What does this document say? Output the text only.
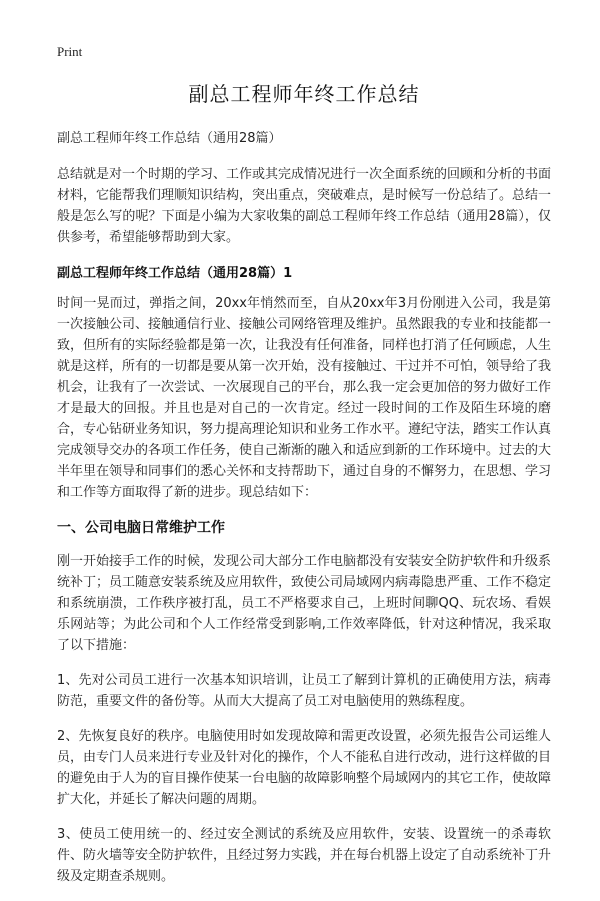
Print
副总工程师年终工作总结
副总工程师年终工作总结（通用28篇）

总结就是对一个时期的学习、工作或其完成情况进行一次全面系统的回顾和分析的书面材料，它能帮我们理顺知识结构，突出重点，突破难点，是时候写一份总结了。总结一般是怎么写的呢？下面是小编为大家收集的副总工程师年终工作总结（通用28篇），仅供参考，希望能够帮助到大家。

副总工程师年终工作总结（通用28篇）1

时间一晃而过，弹指之间，20xx年悄然而至，自从20xx年3月份刚进入公司，我是第一次接触公司、接触通信行业、接触公司网络管理及维护。虽然跟我的专业和技能都一致，但所有的实际经验都是第一次，让我没有任何准备，同样也打消了任何顾虑，人生就是这样，所有的一切都是要从第一次开始，没有接触过、干过并不可怕，领导给了我机会，让我有了一次尝试、一次展现自己的平台，那么我一定会更加倍的努力做好工作才是最大的回报。并且也是对自己的一次肯定。经过一段时间的工作及陌生环境的磨合，专心钻研业务知识，努力提高理论知识和业务工作水平。遵纪守法，踏实工作认真完成领导交办的各项工作任务，使自己渐渐的融入和适应到新的工作环境中。过去的大半年里在领导和同事们的悉心关怀和支持帮助下，通过自身的不懈努力，在思想、学习和工作等方面取得了新的进步。现总结如下：

一、公司电脑日常维护工作

刚一开始接手工作的时候，发现公司大部分工作电脑都没有安装安全防护软件和升级系统补丁；员工随意安装系统及应用软件，致使公司局域网内病毒隐患严重、工作不稳定和系统崩溃，工作秩序被打乱，员工不严格要求自己，上班时间聊QQ、玩农场、看娱乐网站等；为此公司和个人工作经常受到影响,工作效率降低，针对这种情况，我采取了以下措施：

1、先对公司员工进行一次基本知识培训，让员工了解到计算机的正确使用方法，病毒防范，重要文件的备份等。从而大大提高了员工对电脑使用的熟练程度。

2、先恢复良好的秩序。电脑使用时如发现故障和需更改设置，必须先报告公司运维人员，由专门人员来进行专业及针对化的操作，个人不能私自进行改动，进行这样做的目的避免由于人为的盲目操作使某一台电脑的故障影响整个局域网内的其它工作，使故障扩大化，并延长了解决问题的周期。

3、使员工使用统一的、经过安全测试的系统及应用软件，安装、设置统一的杀毒软件、防火墙等安全防护软件，且经过努力实践，并在每台机器上设定了自动系统补丁升级及定期查杀规则。
